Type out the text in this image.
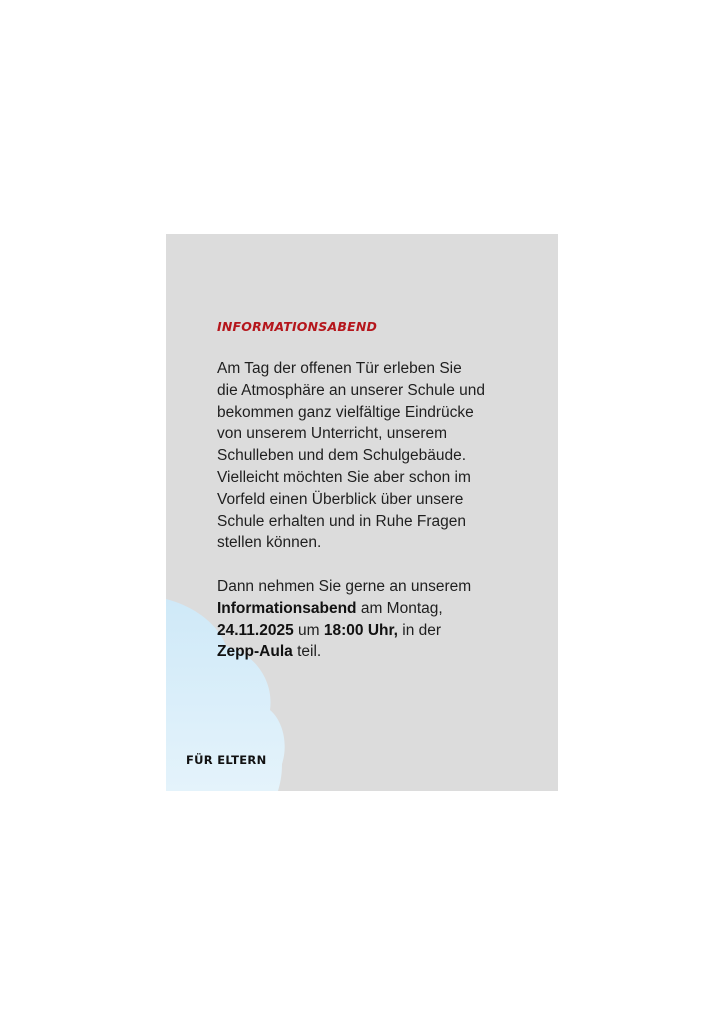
INFORMATIONSABEND

Am Tag der offenen Tür erleben Sie
die Atmosphäre an unserer Schule und
bekommen ganz vielfältige Eindrücke
von unserem Unterricht, unserem
Schulleben und dem Schulgebäude.
Vielleicht möchten Sie aber schon im
Vorfeld einen Überblick über unsere
Schule erhalten und in Ruhe Fragen
stellen können.

Dann nehmen Sie gerne an unserem
Informationsabend am Montag,
24.11.2025 um 18:00 Uhr, in der
Zepp-Aula teil.

FÜR ELTERN
